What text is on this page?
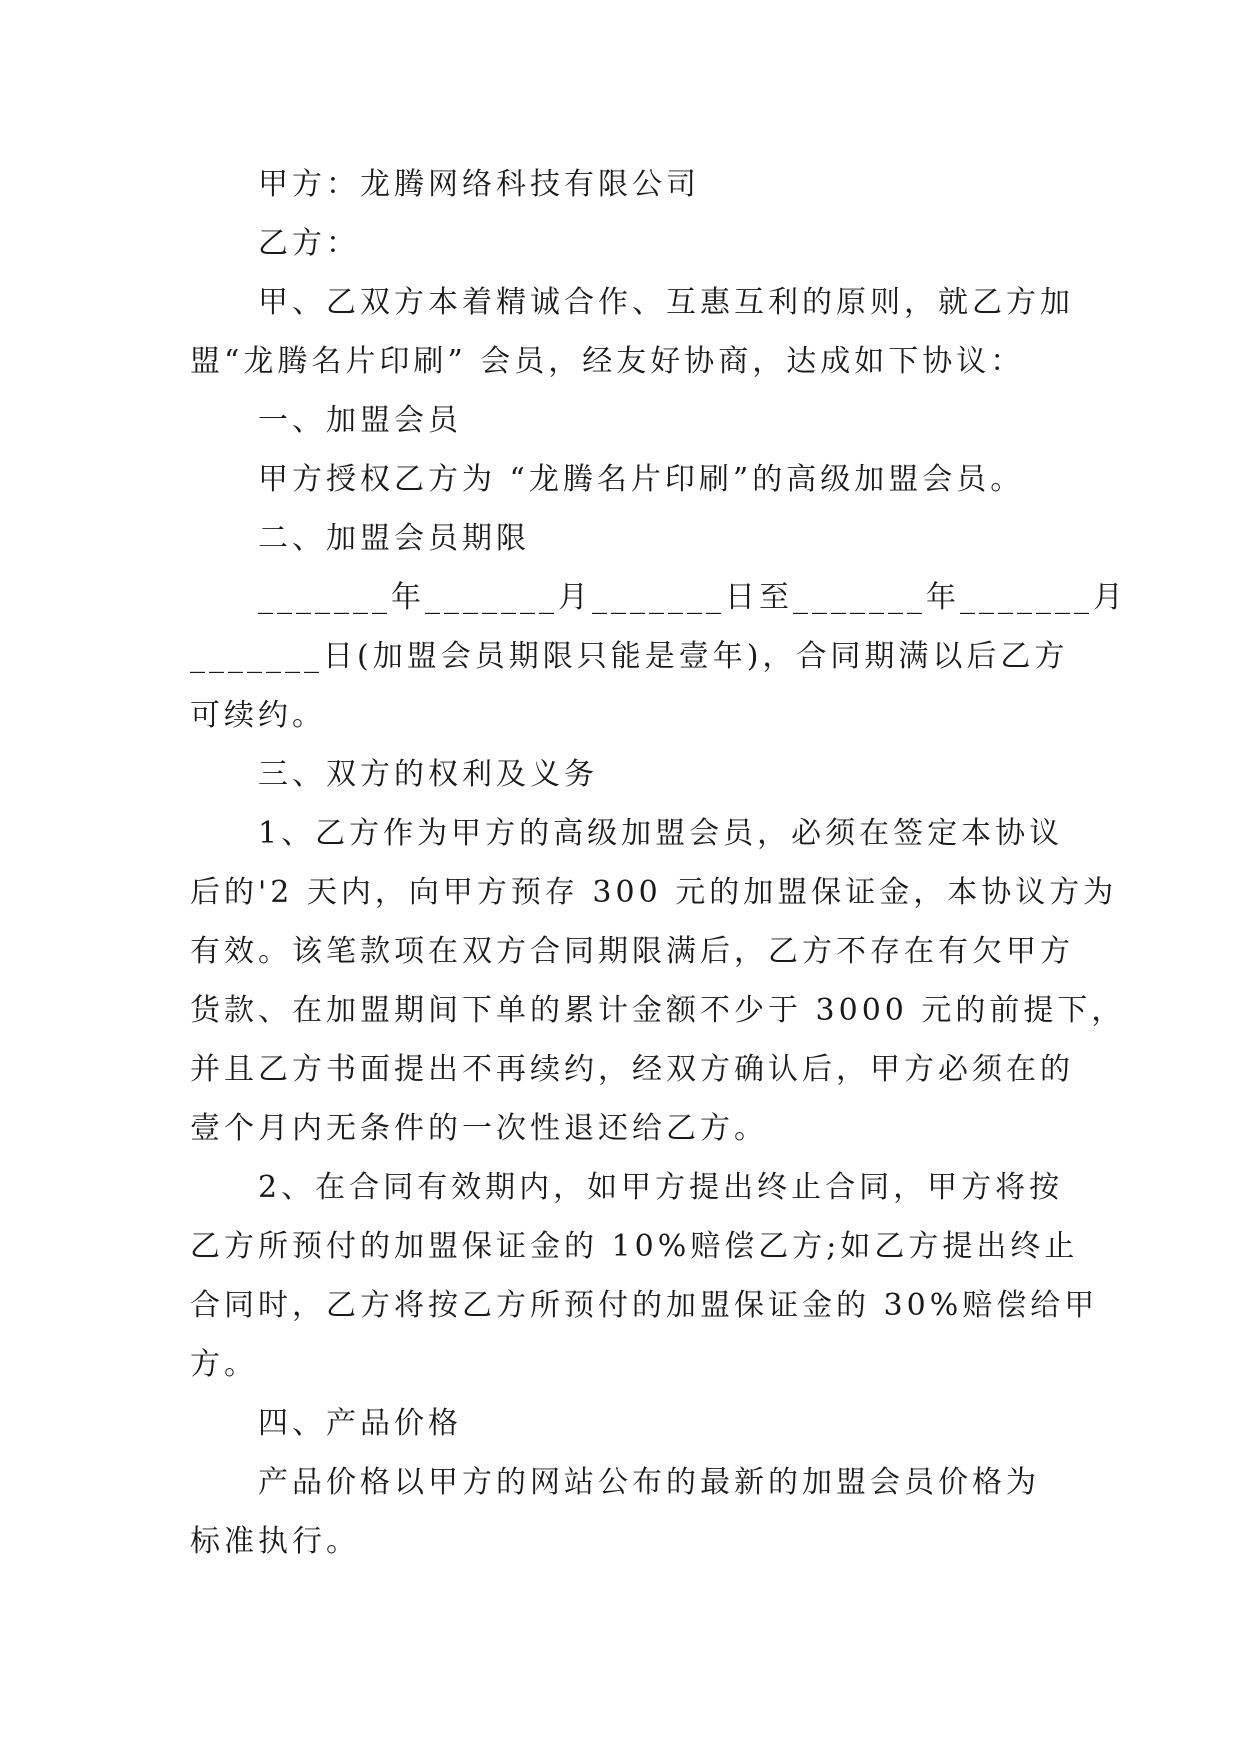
甲方：龙腾网络科技有限公司

乙方：

甲、乙双方本着精诚合作、互惠互利的原则，就乙方加

盟“龙腾名片印刷” 会员，经友好协商，达成如下协议：

一、加盟会员

甲方授权乙方为 “龙腾名片印刷”的高级加盟会员。

二、加盟会员期限

_______年_______月_______日至_______年_______月

_______日(加盟会员期限只能是壹年)，合同期满以后乙方

可续约。

三、双方的权利及义务

1、乙方作为甲方的高级加盟会员，必须在签定本协议

后的'2 天内，向甲方预存 300 元的加盟保证金，本协议方为

有效。该笔款项在双方合同期限满后，乙方不存在有欠甲方

货款、在加盟期间下单的累计金额不少于 3000 元的前提下，

并且乙方书面提出不再续约，经双方确认后，甲方必须在的

壹个月内无条件的一次性退还给乙方。

2、在合同有效期内，如甲方提出终止合同，甲方将按

乙方所预付的加盟保证金的 10%赔偿乙方;如乙方提出终止

合同时，乙方将按乙方所预付的加盟保证金的 30%赔偿给甲

方。

四、产品价格

产品价格以甲方的网站公布的最新的加盟会员价格为

标准执行。
